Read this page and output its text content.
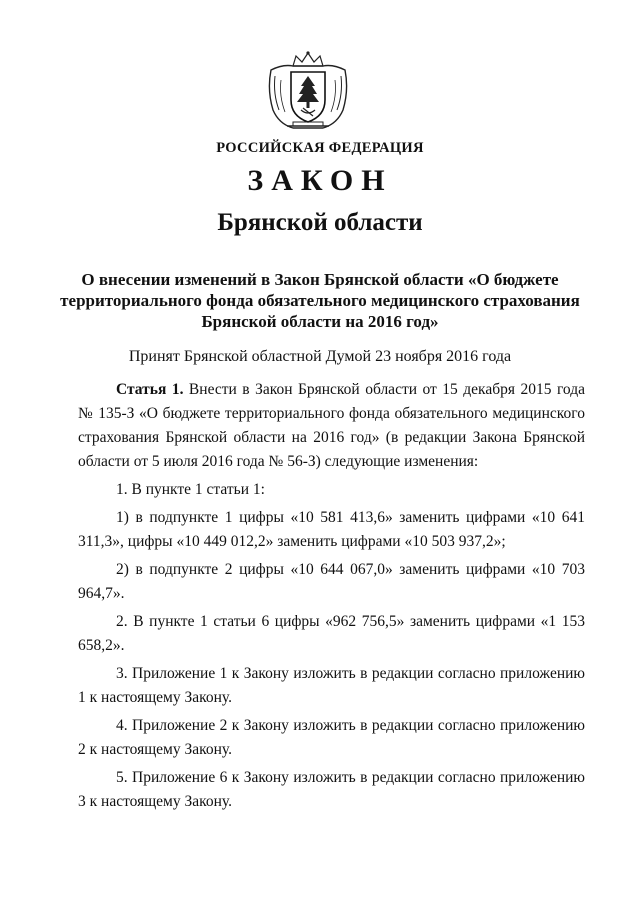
РОССИЙСКАЯ ФЕДЕРАЦИЯ
ЗАКОН
Брянской области
О внесении изменений в Закон Брянской области «О бюджете территориального фонда обязательного медицинского страхования Брянской области на 2016 год»
Принят Брянской областной Думой 23 ноября 2016 года

Статья 1. Внести в Закон Брянской области от 15 декабря 2015 года № 135-З «О бюджете территориального фонда обязательного медицинского страхования Брянской области на 2016 год» (в редакции Закона Брянской области от 5 июля 2016 года № 56-З) следующие изменения:

1. В пункте 1 статьи 1:

1) в подпункте 1 цифры «10 581 413,6» заменить цифрами «10 641 311,3», цифры «10 449 012,2» заменить цифрами «10 503 937,2»;

2) в подпункте 2 цифры «10 644 067,0» заменить цифрами «10 703 964,7».

2. В пункте 1 статьи 6 цифры «962 756,5» заменить цифрами «1 153 658,2».

3. Приложение 1 к Закону изложить в редакции согласно приложению 1 к настоящему Закону.

4. Приложение 2 к Закону изложить в редакции согласно приложению 2 к настоящему Закону.

5. Приложение 6 к Закону изложить в редакции согласно приложению 3 к настоящему Закону.
